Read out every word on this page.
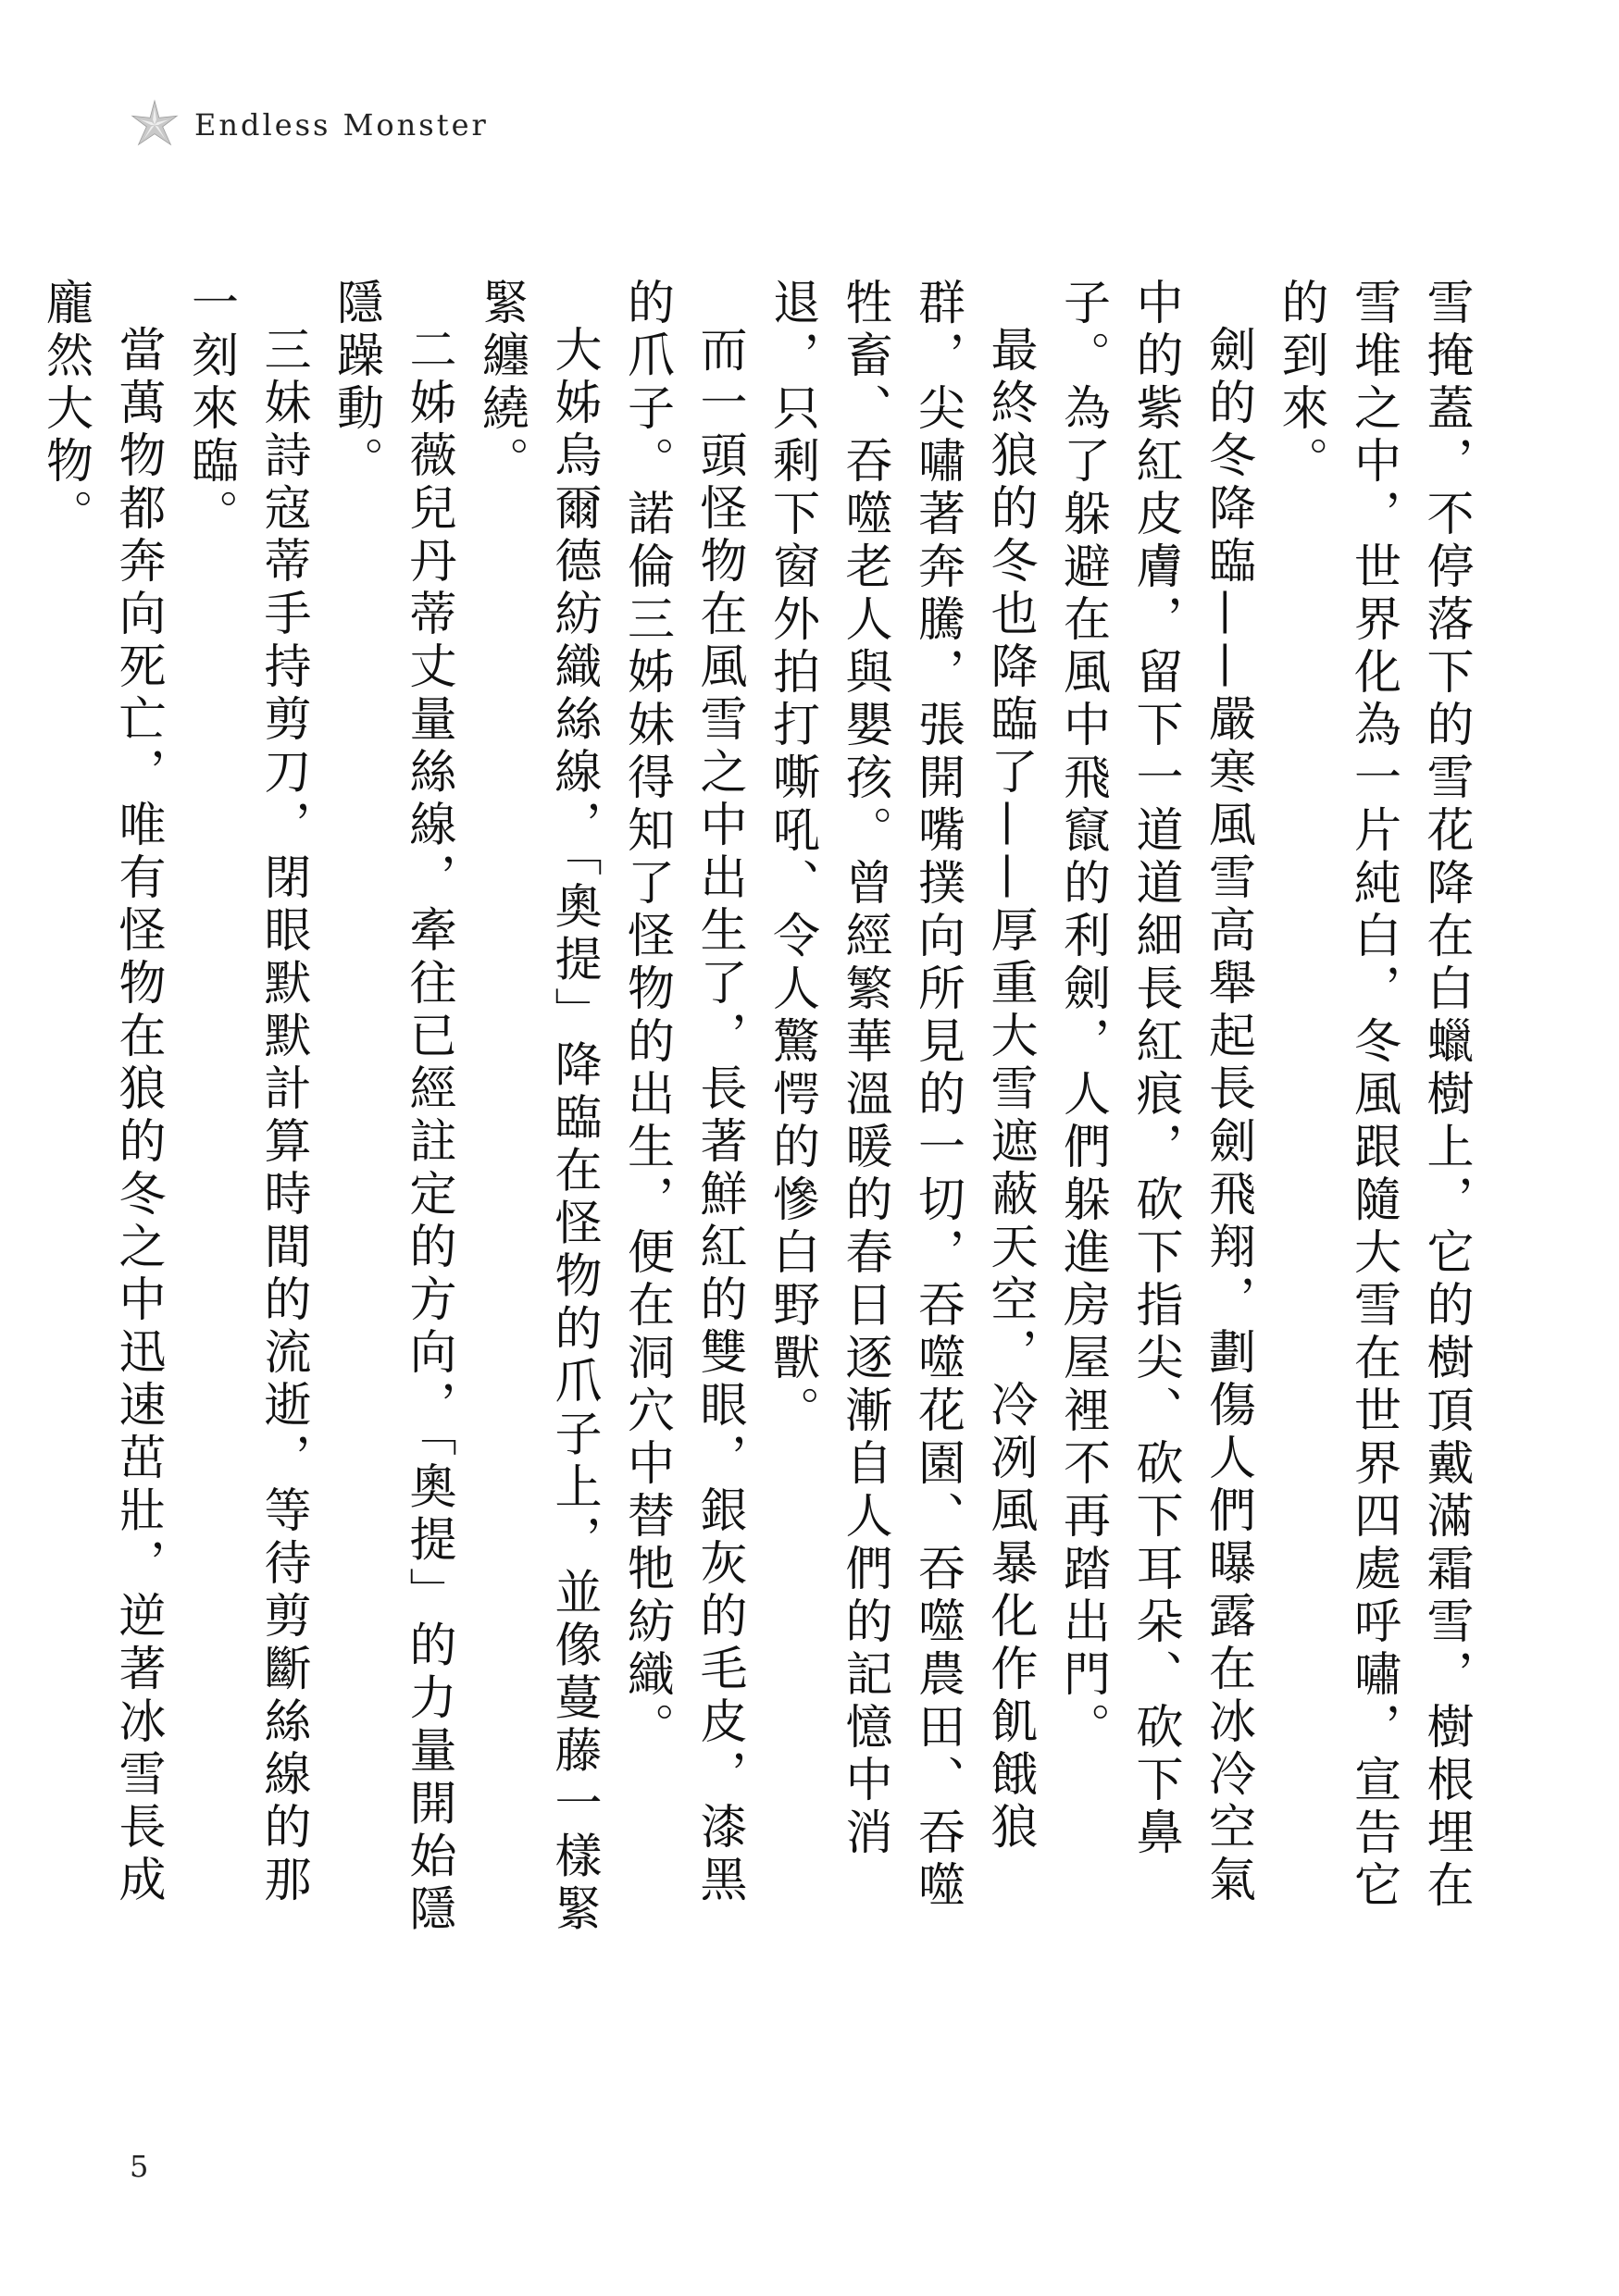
Endless Monster

雪掩蓋，不停落下的雪花降在白蠟樹上，它的樹頂戴滿霜雪，樹根埋在雪堆之中，世界化為一片純白，冬風跟隨大雪在世界四處呼嘯，宣告它的到來。

劍的冬降臨——嚴寒風雪高舉起長劍飛翔，劃傷人們曝露在冰冷空氣中的紫紅皮膚，留下一道道細長紅痕，砍下指尖、砍下耳朵、砍下鼻子。為了躲避在風中飛竄的利劍，人們躲進房屋裡不再踏出門。

最終狼的冬也降臨了——厚重大雪遮蔽天空，冷冽風暴化作飢餓狼群，尖嘯著奔騰，張開嘴撲向所見的一切，吞噬花園、吞噬農田、吞噬牲畜、吞噬老人與嬰孩。曾經繁華溫暖的春日逐漸自人們的記憶中消退，只剩下窗外拍打嘶吼、令人驚愕的慘白野獸。

而一頭怪物在風雪之中出生了，長著鮮紅的雙眼，銀灰的毛皮，漆黑的爪子。諾倫三姊妹得知了怪物的出生，便在洞穴中替牠紡織。

大姊烏爾德紡織絲線，「奧提」降臨在怪物的爪子上，並像蔓藤一樣緊緊纏繞。

二姊薇兒丹蒂丈量絲線，牽往已經註定的方向，「奧提」的力量開始隱隱躁動。

三妹詩寇蒂手持剪刀，閉眼默默計算時間的流逝，等待剪斷絲線的那一刻來臨。

當萬物都奔向死亡，唯有怪物在狼的冬之中迅速茁壯，逆著冰雪長成龐然大物。

5
